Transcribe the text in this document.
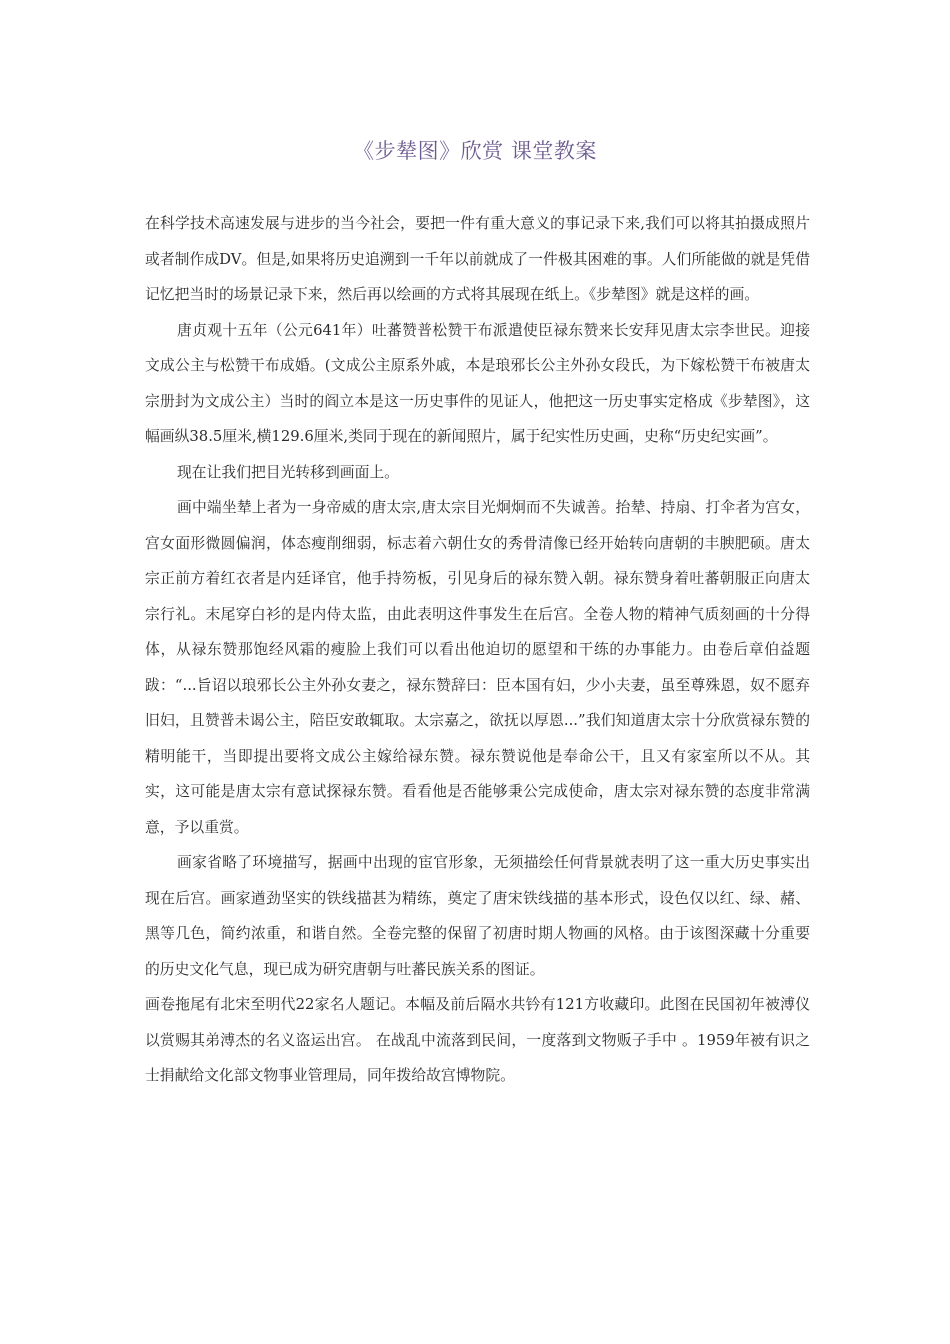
《步辇图》欣赏 课堂教案

在科学技术高速发展与进步的当今社会，要把一件有重大意义的事记录下来,我们可以将其拍摄成照片或者制作成DV。但是,如果将历史追溯到一千年以前就成了一件极其困难的事。人们所能做的就是凭借记忆把当时的场景记录下来，然后再以绘画的方式将其展现在纸上。《步辇图》就是这样的画。

唐贞观十五年（公元641年）吐蕃赞普松赞干布派遣使臣禄东赞来长安拜见唐太宗李世民。迎接文成公主与松赞干布成婚。(文成公主原系外戚，本是琅邪长公主外孙女段氏，为下嫁松赞干布被唐太宗册封为文成公主）当时的阎立本是这一历史事件的见证人，他把这一历史事实定格成《步辇图》，这幅画纵38.5厘米,横129.6厘米,类同于现在的新闻照片，属于纪实性历史画，史称“历史纪实画”。

现在让我们把目光转移到画面上。

画中端坐辇上者为一身帝威的唐太宗,唐太宗目光炯炯而不失诚善。抬辇、持扇、打伞者为宫女，宫女面形微圆偏润，体态瘦削细弱，标志着六朝仕女的秀骨清像已经开始转向唐朝的丰腴肥硕。唐太宗正前方着红衣者是内廷译官，他手持笏板，引见身后的禄东赞入朝。禄东赞身着吐蕃朝服正向唐太宗行礼。末尾穿白衫的是内侍太监，由此表明这件事发生在后宫。全卷人物的精神气质刻画的十分得体，从禄东赞那饱经风霜的瘦脸上我们可以看出他迫切的愿望和干练的办事能力。由卷后章伯益题跋：“...旨诏以琅邪长公主外孙女妻之，禄东赞辞曰：臣本国有妇，少小夫妻，虽至尊殊恩，奴不愿弃旧妇，且赞普未谒公主，陪臣安敢辄取。太宗嘉之，欲抚以厚恩...”我们知道唐太宗十分欣赏禄东赞的精明能干，当即提出要将文成公主嫁给禄东赞。禄东赞说他是奉命公干，且又有家室所以不从。其实，这可能是唐太宗有意试探禄东赞。看看他是否能够秉公完成使命，唐太宗对禄东赞的态度非常满意，予以重赏。

画家省略了环境描写，据画中出现的宦官形象，无须描绘任何背景就表明了这一重大历史事实出现在后宫。画家遒劲坚实的铁线描甚为精练，奠定了唐宋铁线描的基本形式，设色仅以红、绿、赭、黑等几色，简约浓重，和谐自然。全卷完整的保留了初唐时期人物画的风格。由于该图深藏十分重要的历史文化气息，现已成为研究唐朝与吐蕃民族关系的图证。

画卷拖尾有北宋至明代22家名人题记。本幅及前后隔水共钤有121方收藏印。此图在民国初年被溥仪以赏赐其弟溥杰的名义盗运出宫。 在战乱中流落到民间，一度落到文物贩子手中 。1959年被有识之士捐献给文化部文物事业管理局，同年拨给故宫博物院。
